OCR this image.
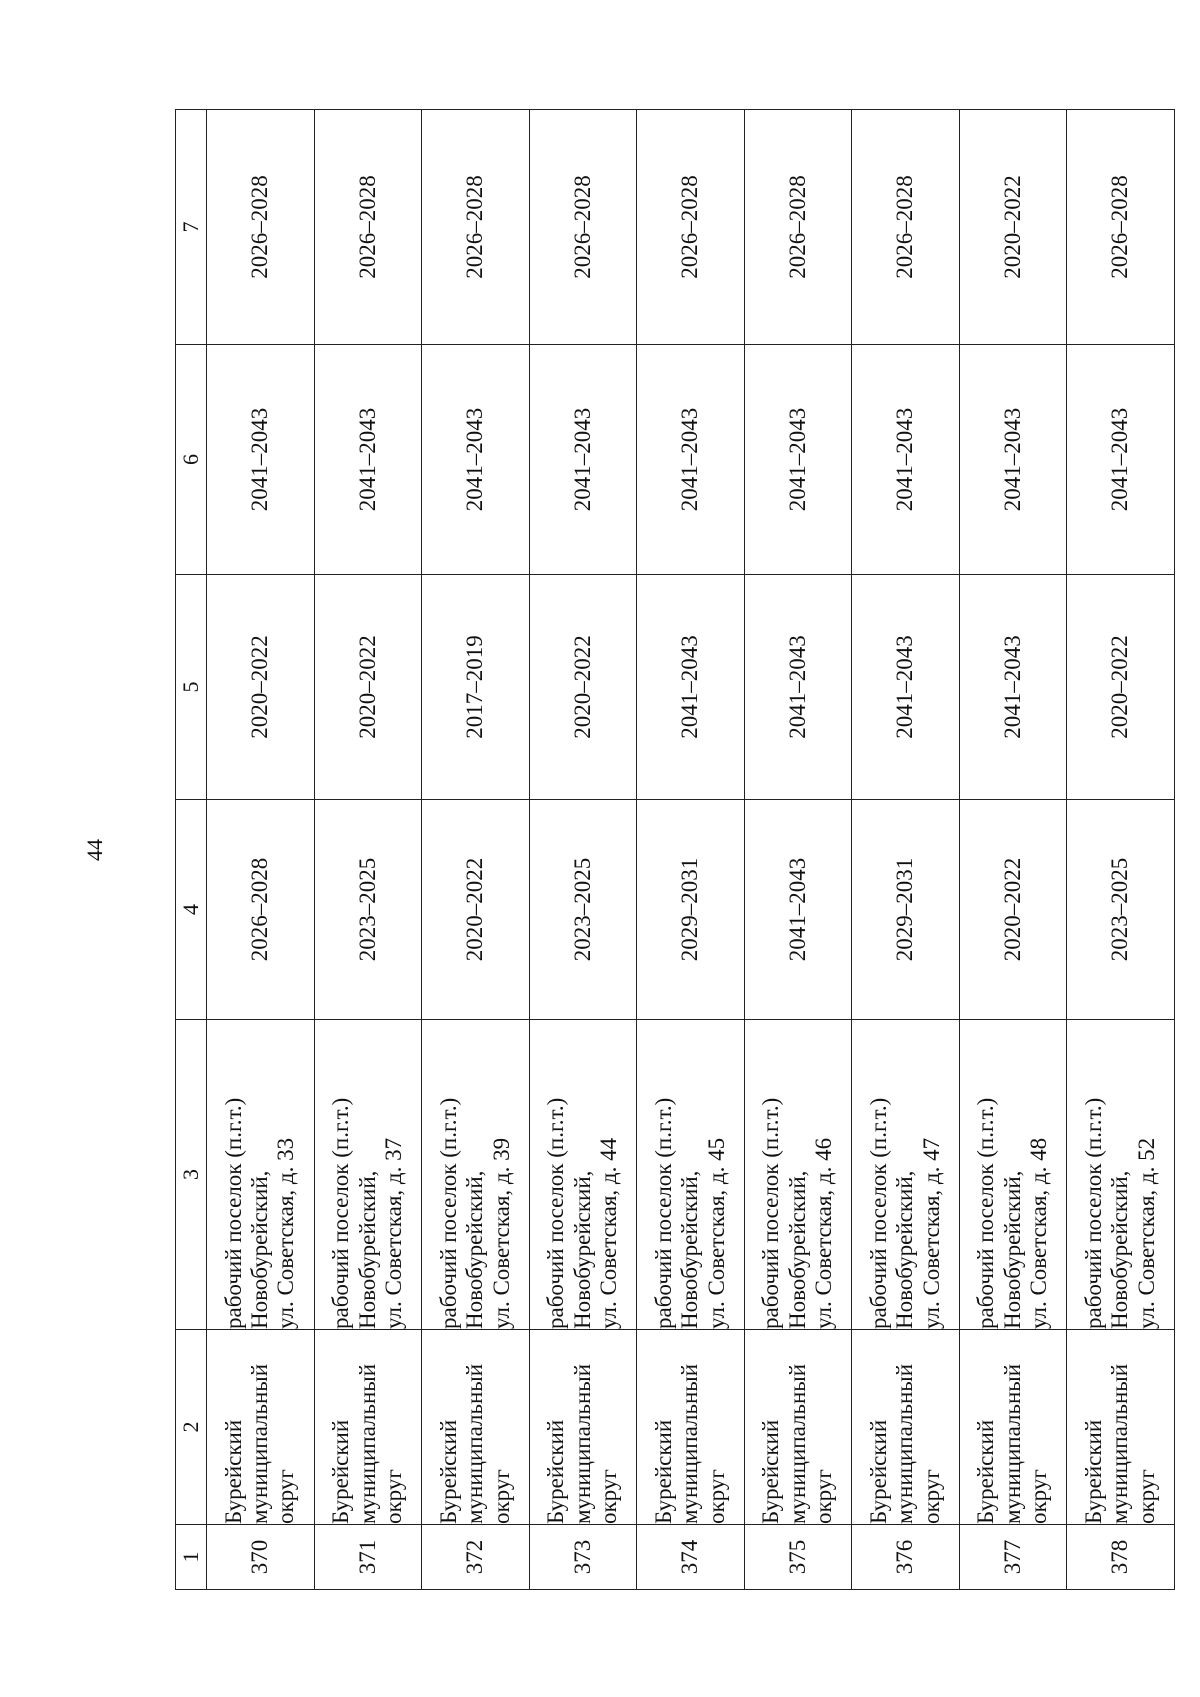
44
1	2	3	4	5	6	7
370	Бурейский муниципальный округ	рабочий поселок (п.г.т.) Новобурейский, ул. Советская, д. 33	2026–2028	2020–2022	2041–2043	2026–2028
371	Бурейский муниципальный округ	рабочий поселок (п.г.т.) Новобурейский, ул. Советская, д. 37	2023–2025	2020–2022	2041–2043	2026–2028
372	Бурейский муниципальный округ	рабочий поселок (п.г.т.) Новобурейский, ул. Советская, д. 39	2020–2022	2017–2019	2041–2043	2026–2028
373	Бурейский муниципальный округ	рабочий поселок (п.г.т.) Новобурейский, ул. Советская, д. 44	2023–2025	2020–2022	2041–2043	2026–2028
374	Бурейский муниципальный округ	рабочий поселок (п.г.т.) Новобурейский, ул. Советская, д. 45	2029–2031	2041–2043	2041–2043	2026–2028
375	Бурейский муниципальный округ	рабочий поселок (п.г.т.) Новобурейский, ул. Советская, д. 46	2041–2043	2041–2043	2041–2043	2026–2028
376	Бурейский муниципальный округ	рабочий поселок (п.г.т.) Новобурейский, ул. Советская, д. 47	2029–2031	2041–2043	2041–2043	2026–2028
377	Бурейский муниципальный округ	рабочий поселок (п.г.т.) Новобурейский, ул. Советская, д. 48	2020–2022	2041–2043	2041–2043	2020–2022
378	Бурейский муниципальный округ	рабочий поселок (п.г.т.) Новобурейский, ул. Советская, д. 52	2023–2025	2020–2022	2041–2043	2026–2028
